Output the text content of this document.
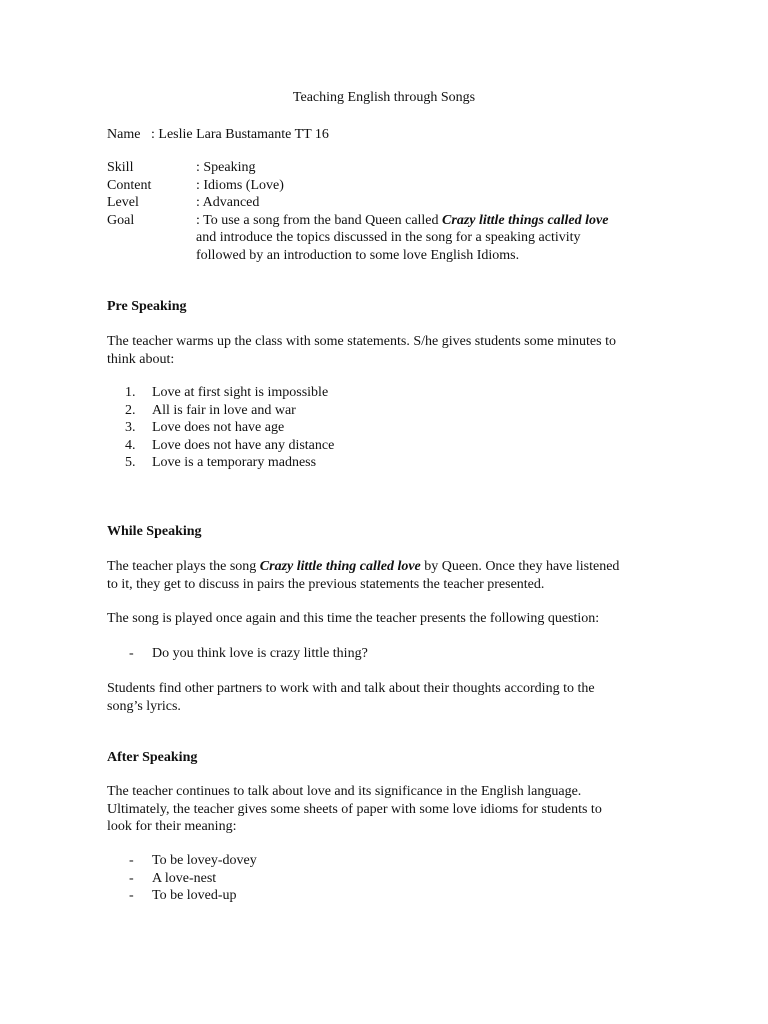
Teaching English through Songs
Name : Leslie Lara Bustamante TT 16
Skill	: Speaking
Content	: Idioms (Love)
Level	: Advanced
Goal	: To use a song from the band Queen called Crazy little things called love
and introduce the topics discussed in the song for a speaking activity
followed by an introduction to some love English Idioms.
Pre Speaking
The teacher warms up the class with some statements. S/he gives students some minutes to
think about:
1.	Love at first sight is impossible
2.	All is fair in love and war
3.	Love does not have age
4.	Love does not have any distance
5.	Love is a temporary madness
While Speaking
The teacher plays the song Crazy little thing called love by Queen. Once they have listened
to it, they get to discuss in pairs the previous statements the teacher presented.
The song is played once again and this time the teacher presents the following question:
-	Do you think love is crazy little thing?
Students find other partners to work with and talk about their thoughts according to the
song’s lyrics.
After Speaking
The teacher continues to talk about love and its significance in the English language.
Ultimately, the teacher gives some sheets of paper with some love idioms for students to
look for their meaning:
-	To be lovey-dovey
-	A love-nest
-	To be loved-up
